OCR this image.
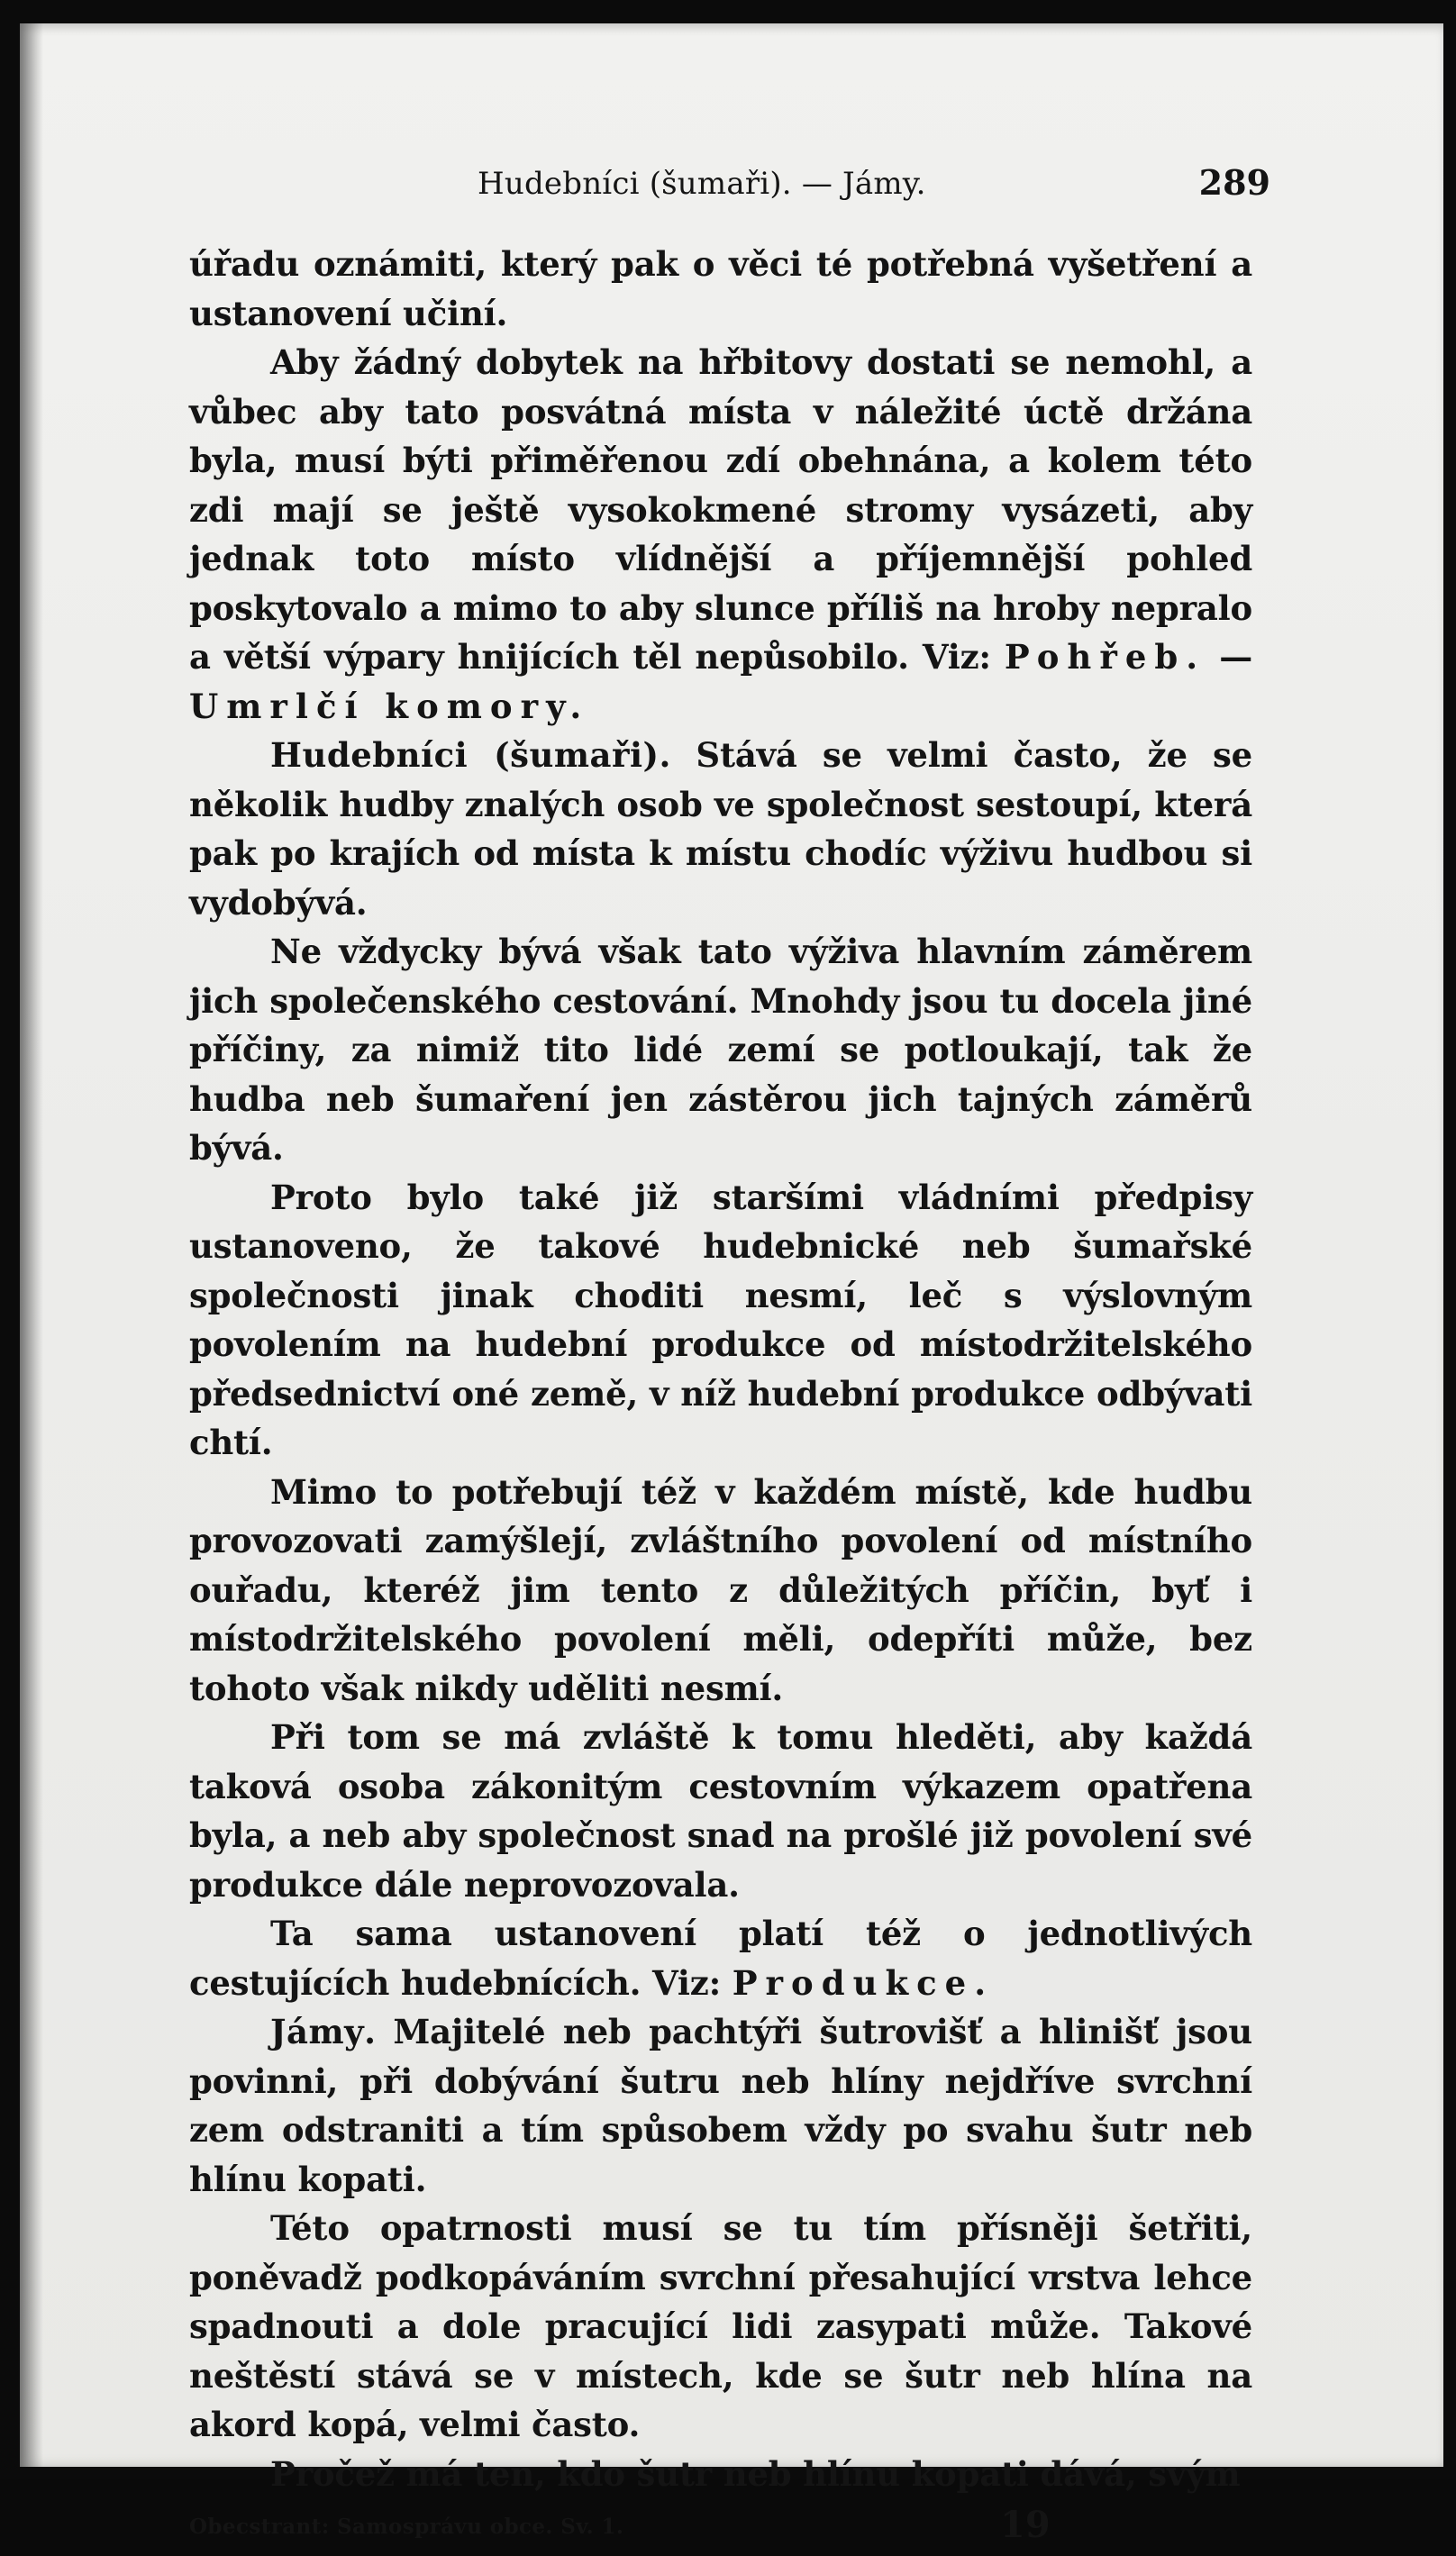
Hudebníci (šumaři). — Jámy.	289

úřadu oznámiti, který pak o věci té potřebná vyšetření a ustanovení učiní.

Aby žádný dobytek na hřbitovy dostati se nemohl, a vůbec aby tato posvátná místa v náležité úctě držána byla, musí býti přiměřenou zdí obehnána, a kolem této zdi mají se ještě vysokokmené stromy vysázeti, aby jednak toto místo vlídnější a příjemnější pohled poskytovalo a mimo to aby slunce příliš na hroby nepralo a větší výpary hnijících těl nepůsobilo. Viz: Pohřeb. — Umrlčí komory.

Hudebníci (šumaři). Stává se velmi často, že se několik hudby znalých osob ve společnost sestoupí, která pak po krajích od místa k místu chodíc výživu hudbou si vydobývá.

Ne vždycky bývá však tato výživa hlavním záměrem jich společenského cestování. Mnohdy jsou tu docela jiné příčiny, za nimiž tito lidé zemí se potloukají, tak že hudba neb šumaření jen zástěrou jich tajných záměrů bývá.

Proto bylo také již staršími vládními předpisy ustanoveno, že takové hudebnické neb šumařské společnosti jinak choditi nesmí, leč s výslovným povolením na hudební produkce od místodržitelského předsednictví oné země, v níž hudební produkce odbývati chtí.

Mimo to potřebují též v každém místě, kde hudbu provozovati zamýšlejí, zvláštního povolení od místního ouřadu, kteréž jim tento z důležitých příčin, byť i místodržitelského povolení měli, odepříti může, bez tohoto však nikdy uděliti nesmí.

Při tom se má zvláště k tomu hleděti, aby každá taková osoba zákonitým cestovním výkazem opatřena byla, a neb aby společnost snad na prošlé již povolení své produkce dále neprovozovala.

Ta sama ustanovení platí též o jednotlivých cestujících hudebnících. Viz: Produkce.

Jámy. Majitelé neb pachtýři šutrovišť a hlinišť jsou povinni, při dobývání šutru neb hlíny nejdříve svrchní zem odstraniti a tím spůsobem vždy po svahu šutr neb hlínu kopati.

Této opatrnosti musí se tu tím přísněji šetřiti, poněvadž podkopáváním svrchní přesahující vrstva lehce spadnouti a dole pracující lidi zasypati může. Takové neštěstí stává se v místech, kde se šutr neb hlína na akord kopá, velmi často.

Pročež má ten, kdo šutr neb hlínu kopati dává, svým

Obecstrant: Samosprávu obce. Sv. 1.	19
